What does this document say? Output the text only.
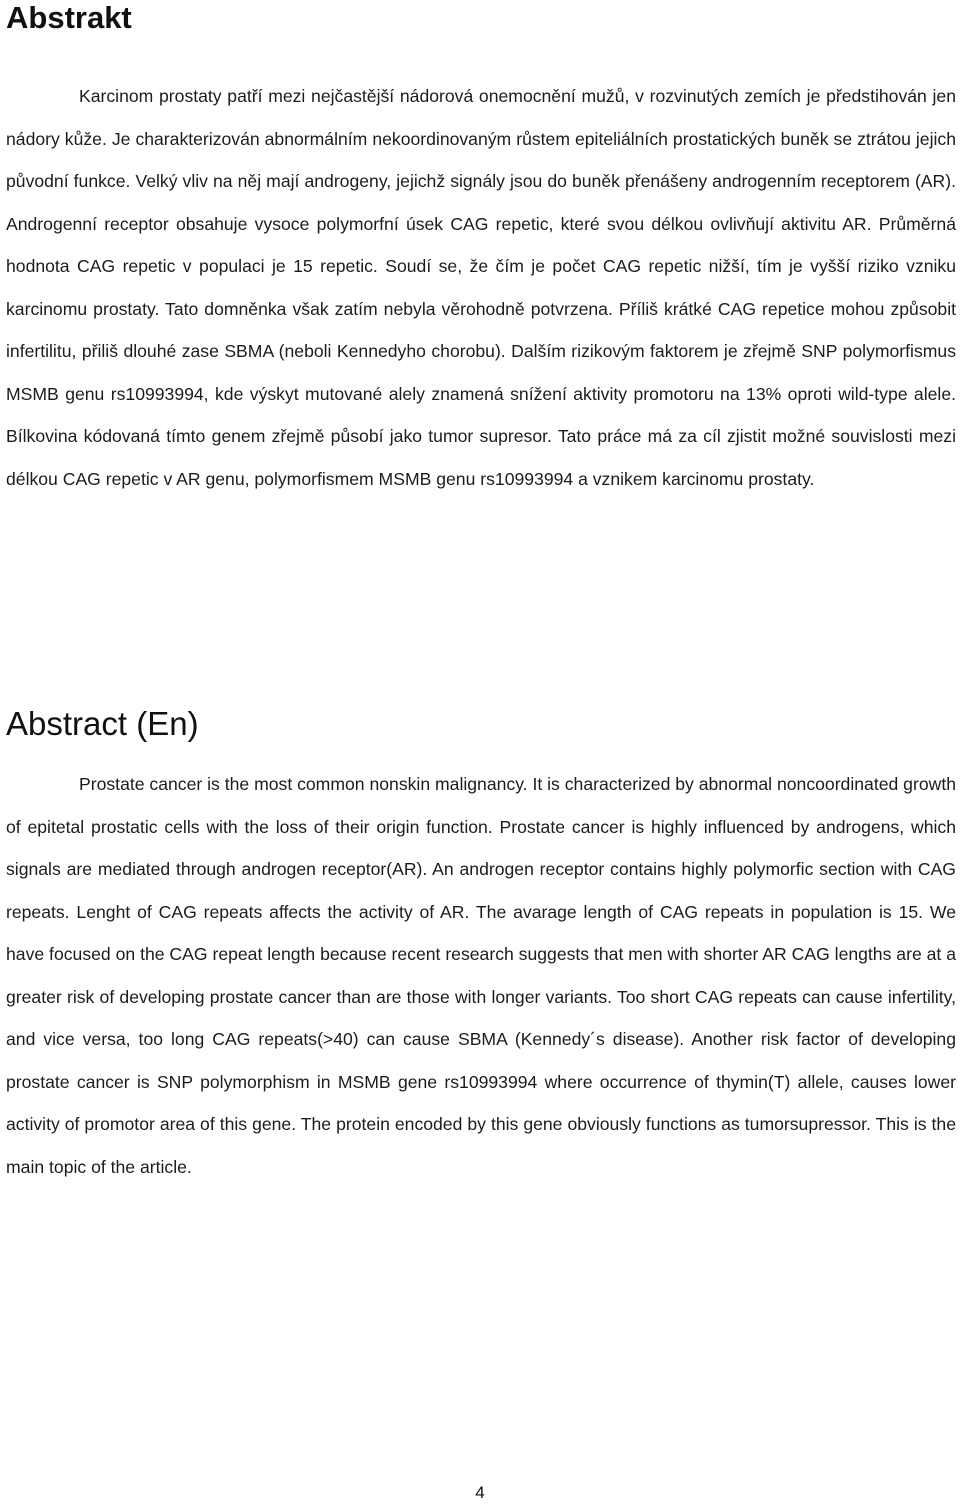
Abstrakt

Karcinom prostaty patří mezi nejčastější nádorová onemocnění mužů, v rozvinutých zemích je předstihován jen nádory kůže. Je charakterizován abnormálním nekoordinovaným růstem epiteliálních prostatických buněk se ztrátou jejich původní funkce. Velký vliv na něj mají androgeny, jejichž signály jsou do buněk přenášeny androgenním receptorem (AR). Androgenní receptor obsahuje vysoce polymorfní úsek CAG repetic, které svou délkou ovlivňují aktivitu AR. Průměrná hodnota CAG repetic v populaci je 15 repetic. Soudí se, že čím je počet CAG repetic nižší, tím je vyšší riziko vzniku karcinomu prostaty. Tato domněnka však zatím nebyla věrohodně potvrzena. Příliš krátké CAG repetice mohou způsobit infertilitu, přiliš dlouhé zase SBMA (neboli Kennedyho chorobu). Dalším rizikovým faktorem je zřejmě SNP polymorfismus MSMB genu rs10993994, kde výskyt mutované alely znamená snížení aktivity promotoru na 13% oproti wild-type alele. Bílkovina kódovaná tímto genem zřejmě působí jako tumor supresor. Tato práce má za cíl zjistit možné souvislosti mezi délkou CAG repetic v AR genu, polymorfismem MSMB genu rs10993994 a vznikem karcinomu prostaty.

Abstract (En)

Prostate cancer is the most common nonskin malignancy. It is characterized by abnormal noncoordinated growth of epitetal prostatic cells with the loss of their origin function. Prostate cancer is highly influenced by androgens, which signals are mediated through androgen receptor(AR). An androgen receptor contains highly polymorfic section with CAG repeats. Lenght of CAG repeats affects the activity of AR. The avarage length of CAG repeats in population is 15. We have focused on the CAG repeat length because recent research suggests that men with shorter AR CAG lengths are at a greater risk of developing prostate cancer than are those with longer variants. Too short CAG repeats can cause infertility, and vice versa, too long CAG repeats(>40) can cause SBMA (Kennedy´s disease). Another risk factor of developing prostate cancer is SNP polymorphism in MSMB gene rs10993994 where occurrence of thymin(T) allele, causes lower activity of promotor area of this gene. The protein encoded by this gene obviously functions as tumorsupressor. This is the main topic of the article.

4
